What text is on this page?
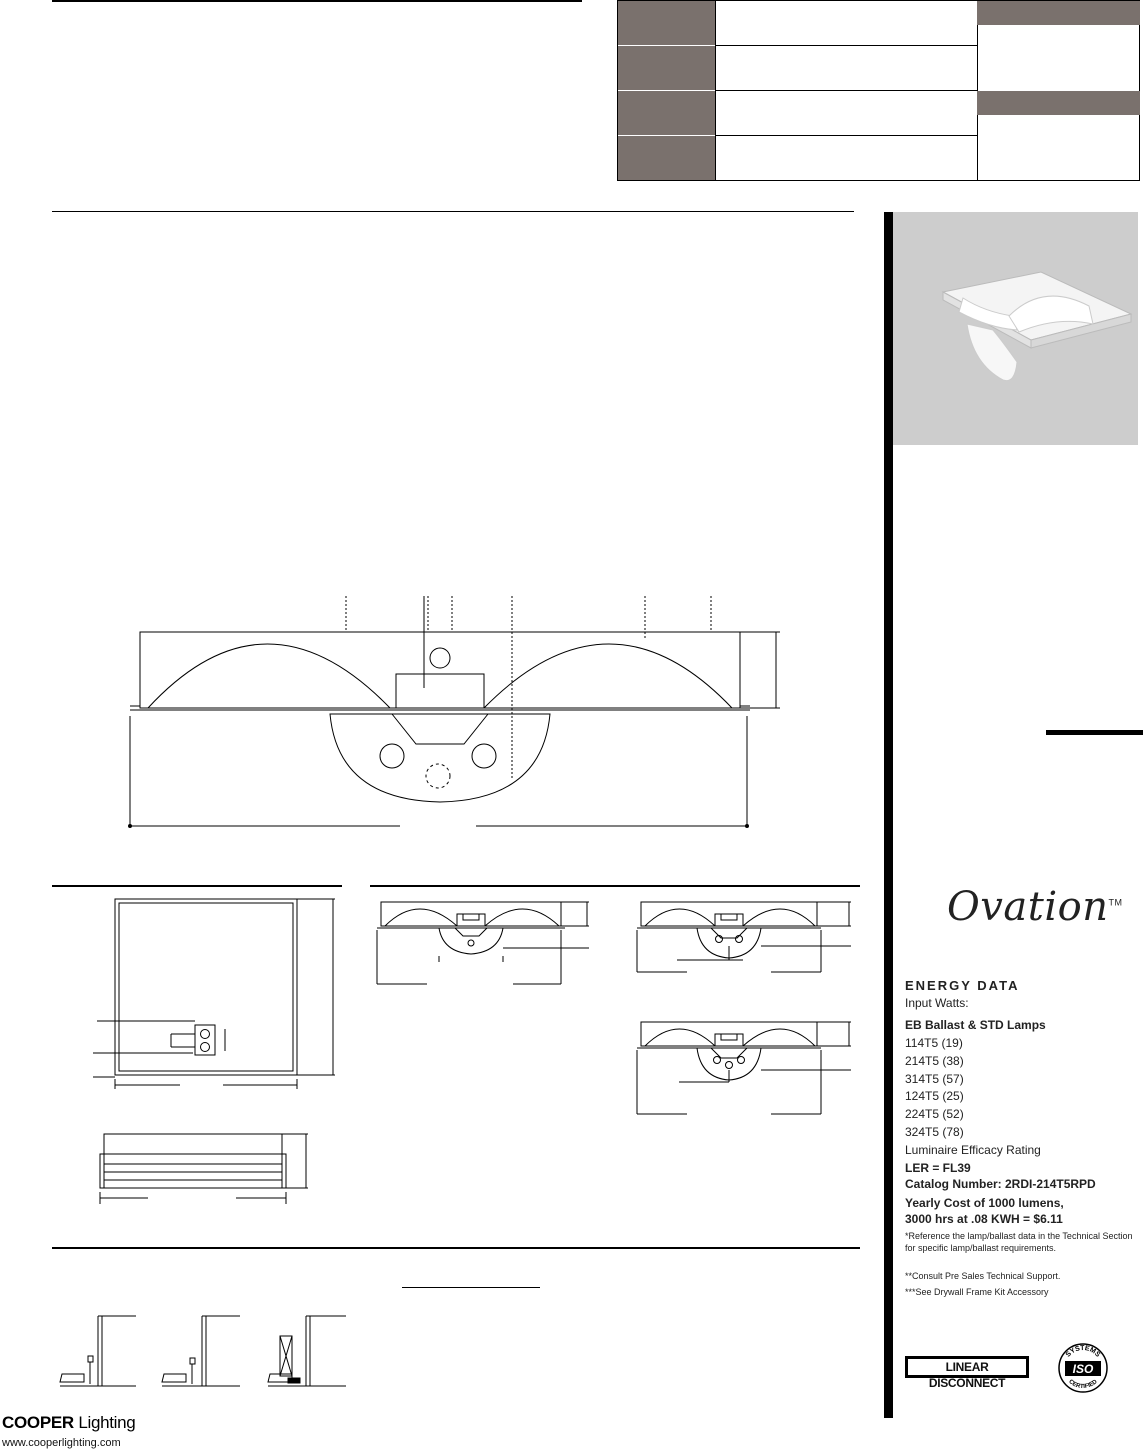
Ovation™
ENERGY DATA
Input Watts:
EB Ballast & STD Lamps
114T5 (19)
214T5 (38)
314T5 (57)
124T5 (25)
224T5 (52)
324T5 (78)
Luminaire Efficacy Rating
LER = FL39
Catalog Number: 2RDI-214T5RPD
Yearly Cost of 1000 lumens,
3000 hrs at .08 KWH = $6.11
*Reference the lamp/ballast data in the Technical Section for specific lamp/ballast requirements.
**Consult Pre Sales Technical Support.
***See Drywall Frame Kit Accessory
LINEAR DISCONNECT
SYSTEMS
ISO
CERTIFIED
COOPER Lighting
www.cooperlighting.com
